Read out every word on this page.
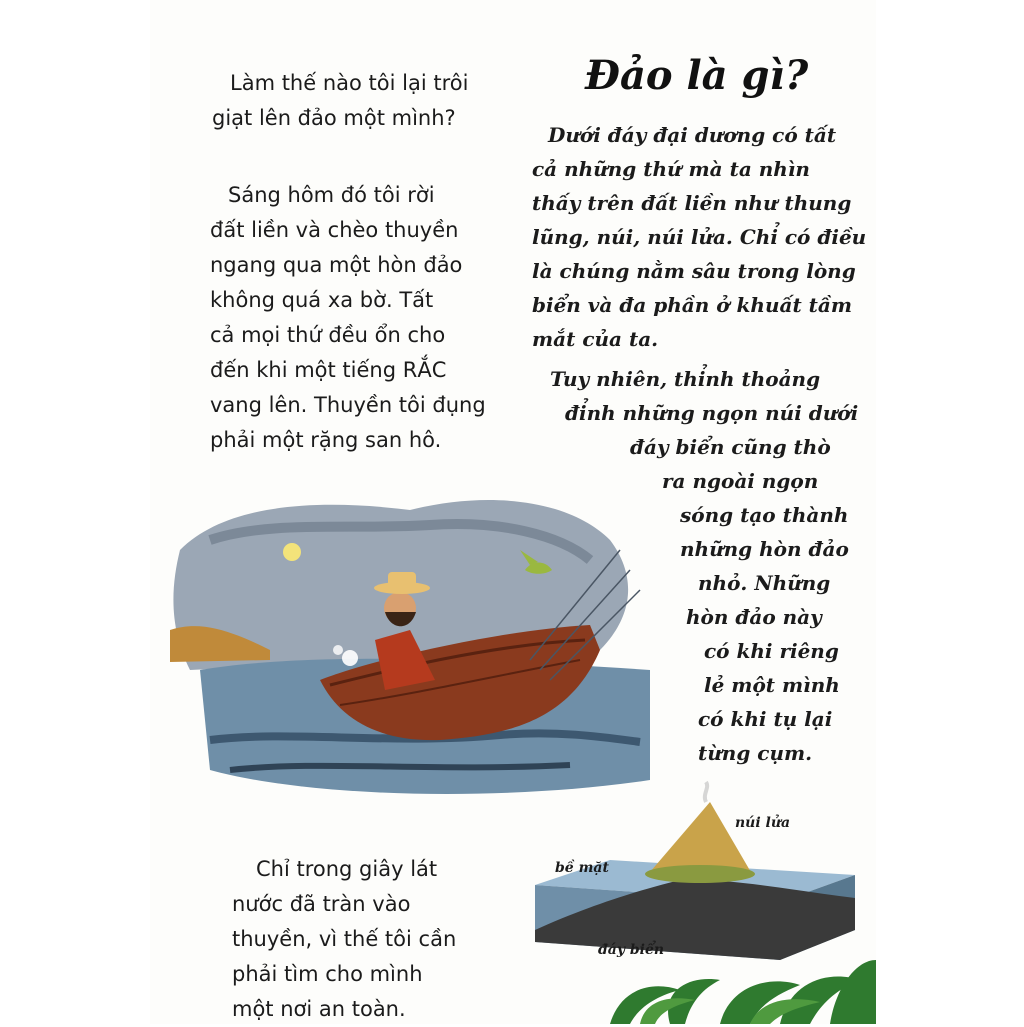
Đảo là gì?
Làm thế nào tôi lại trôi
giạt lên đảo một mình?
Sáng hôm đó tôi rời
đất liền và chèo thuyền
ngang qua một hòn đảo
không quá xa bờ. Tất
cả mọi thứ đều ổn cho
đến khi một tiếng RẮC
vang lên. Thuyền tôi đụng
phải một rặng san hô.
Chỉ trong giây lát
nước đã tràn vào
thuyền, vì thế tôi cần
phải tìm cho mình
một nơi an toàn.
Dưới đáy đại dương có tất
cả những thứ mà ta nhìn
thấy trên đất liền như thung
lũng, núi, núi lửa. Chỉ có điều
là chúng nằm sâu trong lòng
biển và đa phần ở khuất tầm
mắt của ta.
Tuy nhiên, thỉnh thoảng
đỉnh những ngọn núi dưới
đáy biển cũng thò
ra ngoài ngọn
sóng tạo thành
những hòn đảo
nhỏ. Những
hòn đảo này
có khi riêng
lẻ một mình
có khi tụ lại
từng cụm.
núi lửa
bề mặt
đáy biển
